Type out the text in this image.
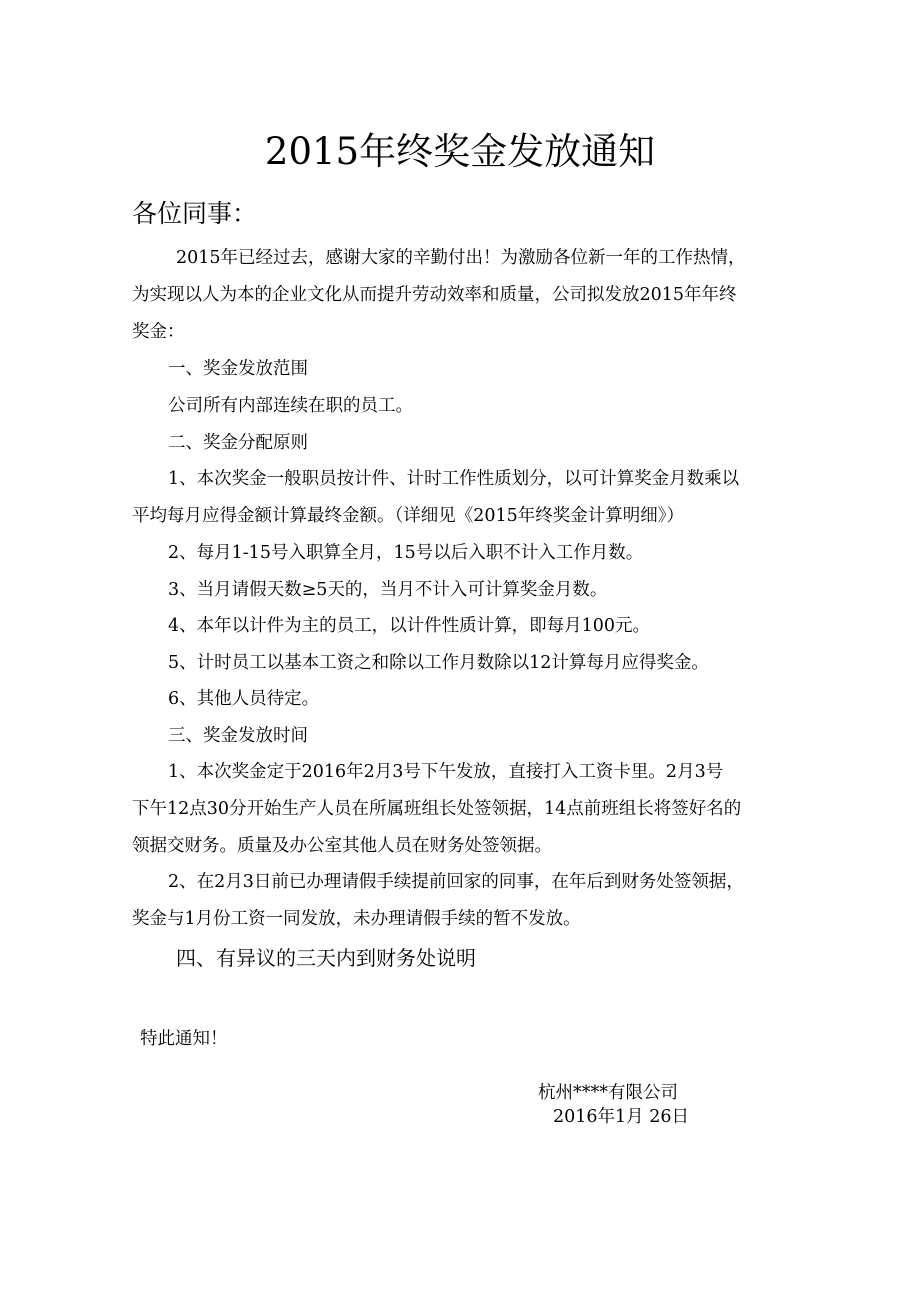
2015年终奖金发放通知
各位同事：
2015年已经过去，感谢大家的辛勤付出！为激励各位新一年的工作热情，
为实现以人为本的企业文化从而提升劳动效率和质量，公司拟发放2015年年终
奖金：
一、奖金发放范围
公司所有内部连续在职的员工。
二、奖金分配原则
1、本次奖金一般职员按计件、计时工作性质划分，以可计算奖金月数乘以
平均每月应得金额计算最终金额。（详细见《2015年终奖金计算明细》）
2、每月1-15号入职算全月，15号以后入职不计入工作月数。
3、当月请假天数≥5天的，当月不计入可计算奖金月数。
4、本年以计件为主的员工，以计件性质计算，即每月100元。
5、计时员工以基本工资之和除以工作月数除以12计算每月应得奖金。
6、其他人员待定。
三、奖金发放时间
1、本次奖金定于2016年2月3号下午发放，直接打入工资卡里。2月3号
下午12点30分开始生产人员在所属班组长处签领据，14点前班组长将签好名的
领据交财务。质量及办公室其他人员在财务处签领据。
2、在2月3日前已办理请假手续提前回家的同事，在年后到财务处签领据，
奖金与1月份工资一同发放，未办理请假手续的暂不发放。
四、有异议的三天内到财务处说明
特此通知！
杭州****有限公司
2016年1月 26日
